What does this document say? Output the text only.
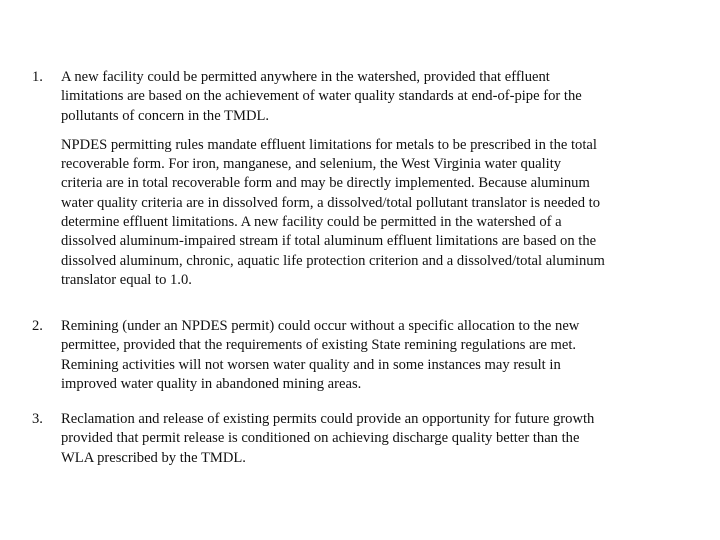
1.	A new facility could be permitted anywhere in the watershed, provided that effluent
limitations are based on the achievement of water quality standards at end-of-pipe for the
pollutants of concern in the TMDL.

NPDES permitting rules mandate effluent limitations for metals to be prescribed in the total
recoverable form. For iron, manganese, and selenium, the West Virginia water quality
criteria are in total recoverable form and may be directly implemented. Because aluminum
water quality criteria are in dissolved form, a dissolved/total pollutant translator is needed to
determine effluent limitations. A new facility could be permitted in the watershed of a
dissolved aluminum-impaired stream if total aluminum effluent limitations are based on the
dissolved aluminum, chronic, aquatic life protection criterion and a dissolved/total aluminum
translator equal to 1.0.

2.	Remining (under an NPDES permit) could occur without a specific allocation to the new
permittee, provided that the requirements of existing State remining regulations are met.
Remining activities will not worsen water quality and in some instances may result in
improved water quality in abandoned mining areas.

3.	Reclamation and release of existing permits could provide an opportunity for future growth
provided that permit release is conditioned on achieving discharge quality better than the
WLA prescribed by the TMDL.
